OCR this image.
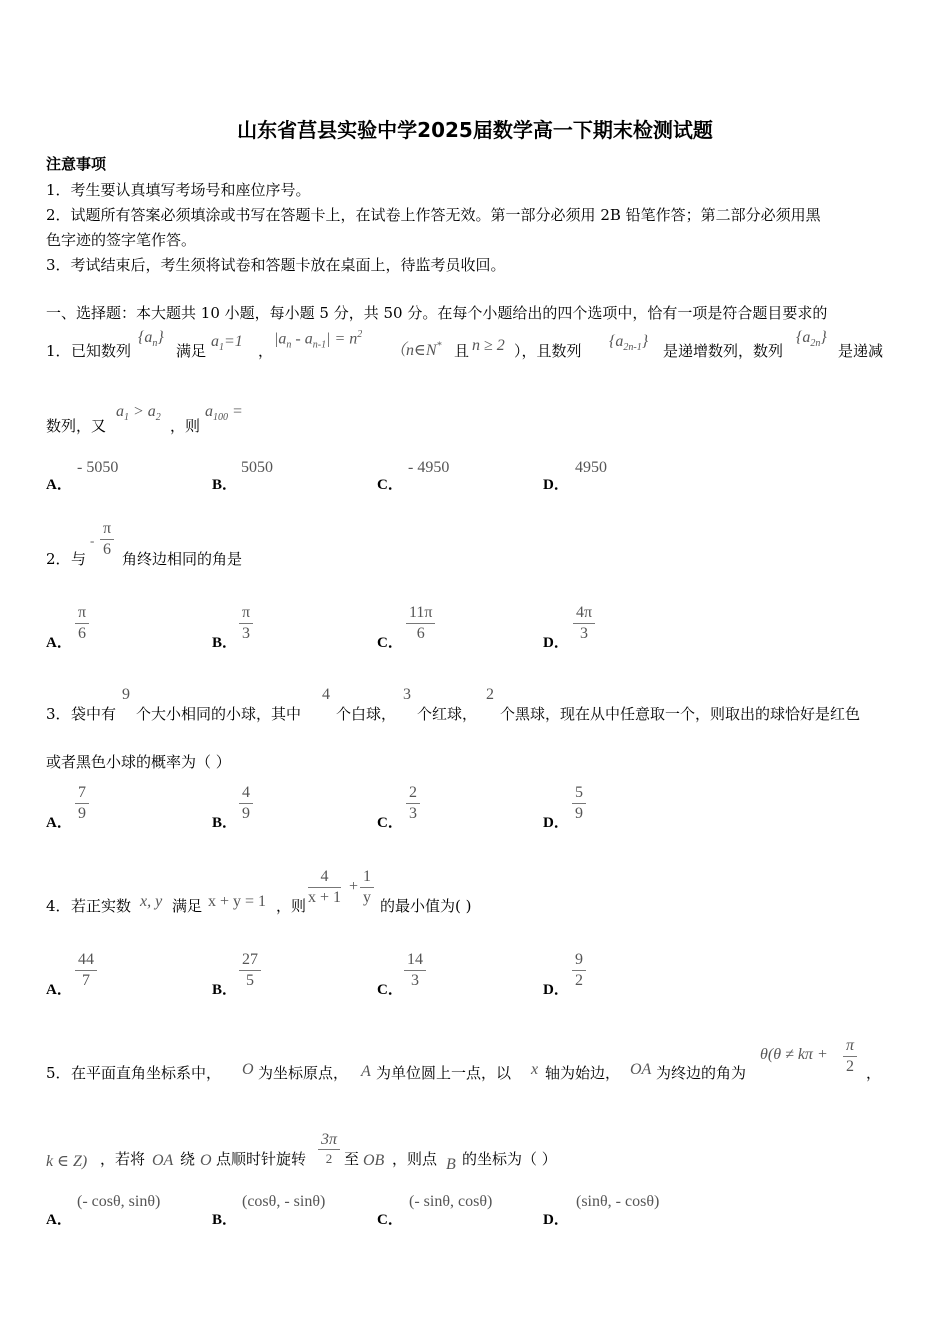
山东省莒县实验中学2025届数学高一下期末检测试题
注意事项
1．考生要认真填写考场号和座位序号。
2．试题所有答案必须填涂或书写在答题卡上，在试卷上作答无效。第一部分必须用 2B 铅笔作答；第二部分必须用黑
色字迹的签字笔作答。
3．考试结束后，考生须将试卷和答题卡放在桌面上，待监考员收回。
一、选择题：本大题共 10 小题，每小题 5 分，共 50 分。在每个小题给出的四个选项中，恰有一项是符合题目要求的
1． 已知数列
$\{a_n\}$
满足
$a_1=1$
，
$|a_n - a_{n-1}| = n^2$
（n∈N* 且 n ≥ 2 ），且数列
$\{a_{2n-1}\}$
是递增数列，数列
$\{a_{2n}\}$
是递减
数列，又
$a_1 > a_2$ ，则
$a_{100}$ =
A．
- 5050
B．
5050
C．
- 4950
D．
4950
2． 与
- $\frac{\pi}{6}$ 角终边相同的角是
A． $\frac{\pi}{6}$	B． $\frac{\pi}{3}$	C． $\frac{11\pi}{6}$	D． $\frac{4\pi}{3}$
3． 袋中有
9
个大小相同的小球，其中
4
个白球，
3
个红球，
2
个黑球，现在从中任意取一个，则取出的球恰好是红色
或者黑色小球的概率为（ ）
A． $\frac{7}{9}$	B． $\frac{4}{9}$	C． $\frac{2}{3}$	D． $\frac{5}{9}$
4． 若正实数 x, y 满足 x + y = 1 ，则 $\frac{4}{x + 1} + \frac{1}{y}$ 的最小值为( )
A． $\frac{44}{7}$	B． $\frac{27}{5}$	C． $\frac{14}{3}$	D． $\frac{9}{2}$
5． 在平面直角坐标系中， O 为坐标原点， A 为单位圆上一点，以 x 轴为始边， OA 为终边的角为
$\theta(\theta \ne k\pi + \frac{\pi}{2}$ ，
k ∈ Z) ，若将 OA 绕 O 点顺时针旋转
3π
2 至 OB ，则点 B 的坐标为（ ）
A．
(- cosθ, sinθ)
B．
(cosθ, - sinθ)
C．
(- sinθ, cosθ)
D．
(sinθ, - cosθ)
